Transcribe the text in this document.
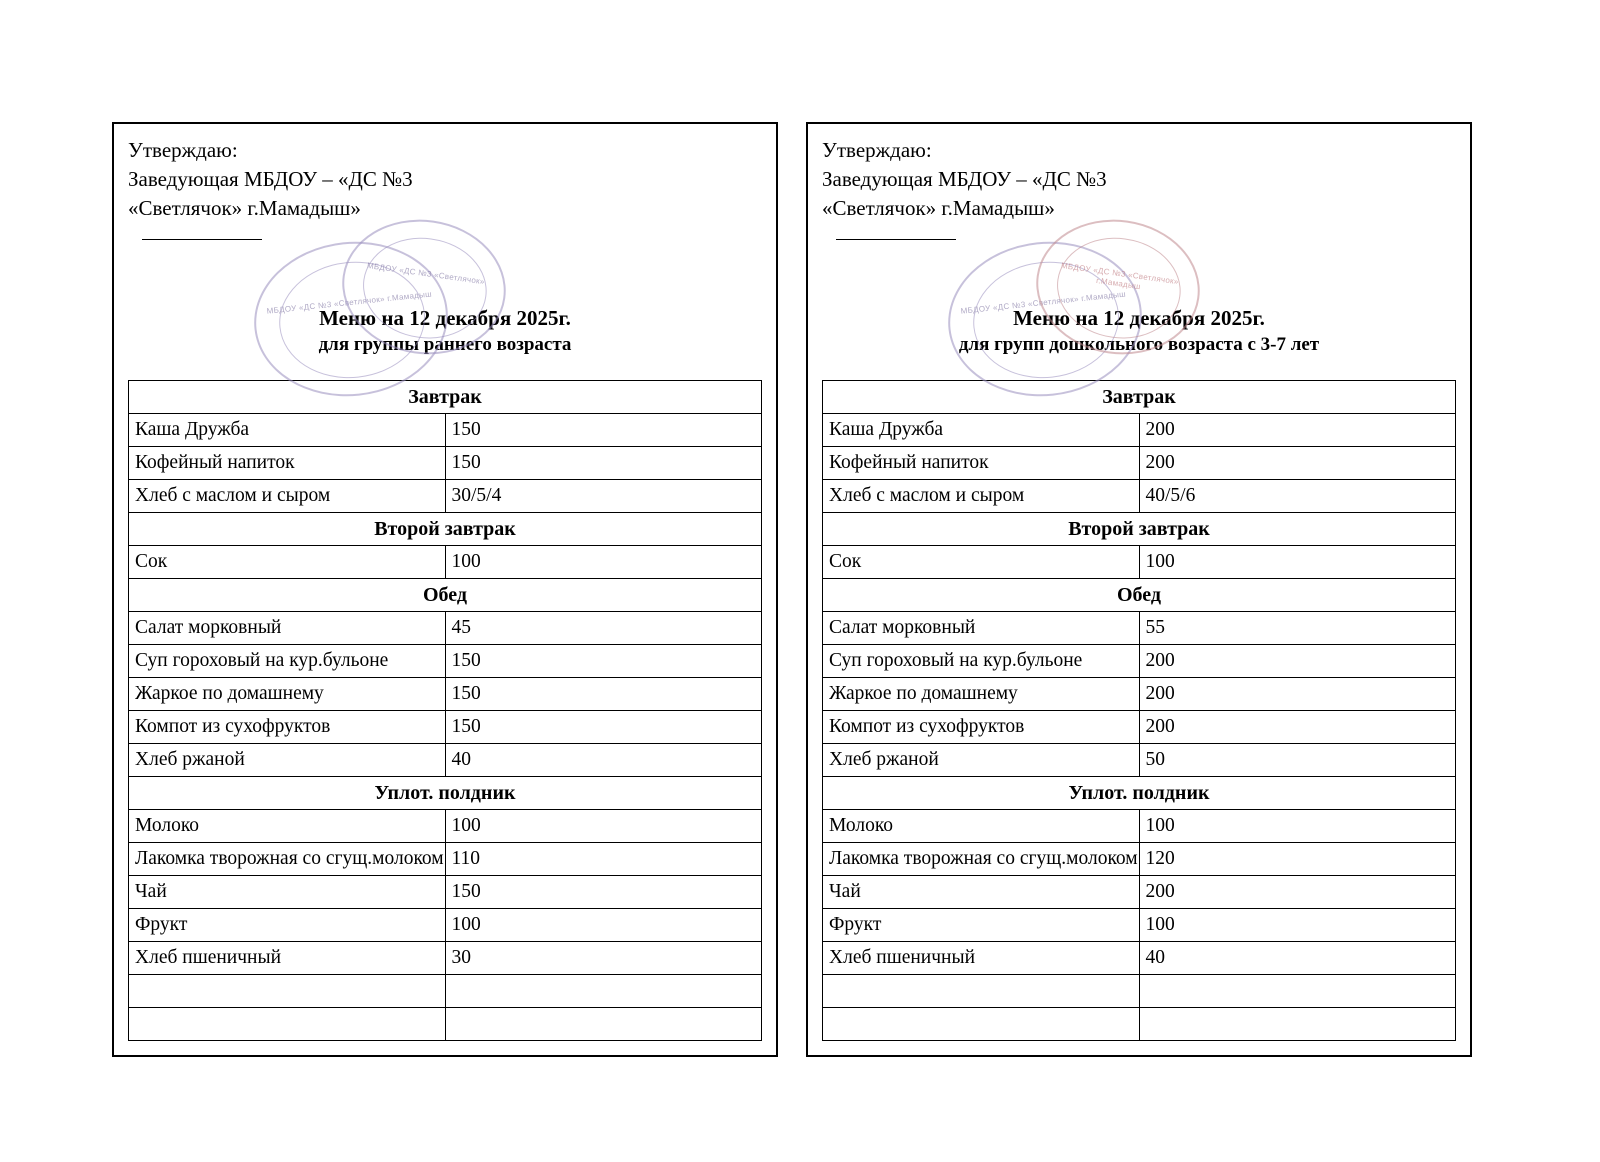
МБДОУ «ДС №3 «Светлячок» г.Мамадыш
МБДОУ «ДС №3 «Светлячок»
Утверждаю:
Заведующая МБДОУ – «ДС №3
«Светлячок» г.Мамадыш»
Меню на 12 декабря 2025г.
для группы раннего возраста
Завтрак	
Каша Дружба	150
Кофейный напиток	150
Хлеб с маслом и сыром	30/5/4
Второй завтрак	
Сок	100
Обед	
Салат морковный	45
Суп гороховый на кур.бульоне	150
Жаркое по домашнему	150
Компот из сухофруктов	150
Хлеб ржаной	40
Уплот. полдник	
Молоко	100
Лакомка творожная со сгущ.молоком	110
Чай	150
Фрукт	100
Хлеб пшеничный	30

МБДОУ «ДС №3 «Светлячок» г.Мамадыш
МБДОУ «ДС №3 «Светлячок» г.Мамадыш
Утверждаю:
Заведующая МБДОУ – «ДС №3
«Светлячок» г.Мамадыш»
Меню на 12 декабря 2025г.
для групп дошкольного возраста с 3-7 лет
Завтрак	
Каша Дружба	200
Кофейный напиток	200
Хлеб с маслом и сыром	40/5/6
Второй завтрак	
Сок	100
Обед	
Салат морковный	55
Суп гороховый на кур.бульоне	200
Жаркое по домашнему	200
Компот из сухофруктов	200
Хлеб ржаной	50
Уплот. полдник	
Молоко	100
Лакомка творожная со сгущ.молоком	120
Чай	200
Фрукт	100
Хлеб пшеничный	40
